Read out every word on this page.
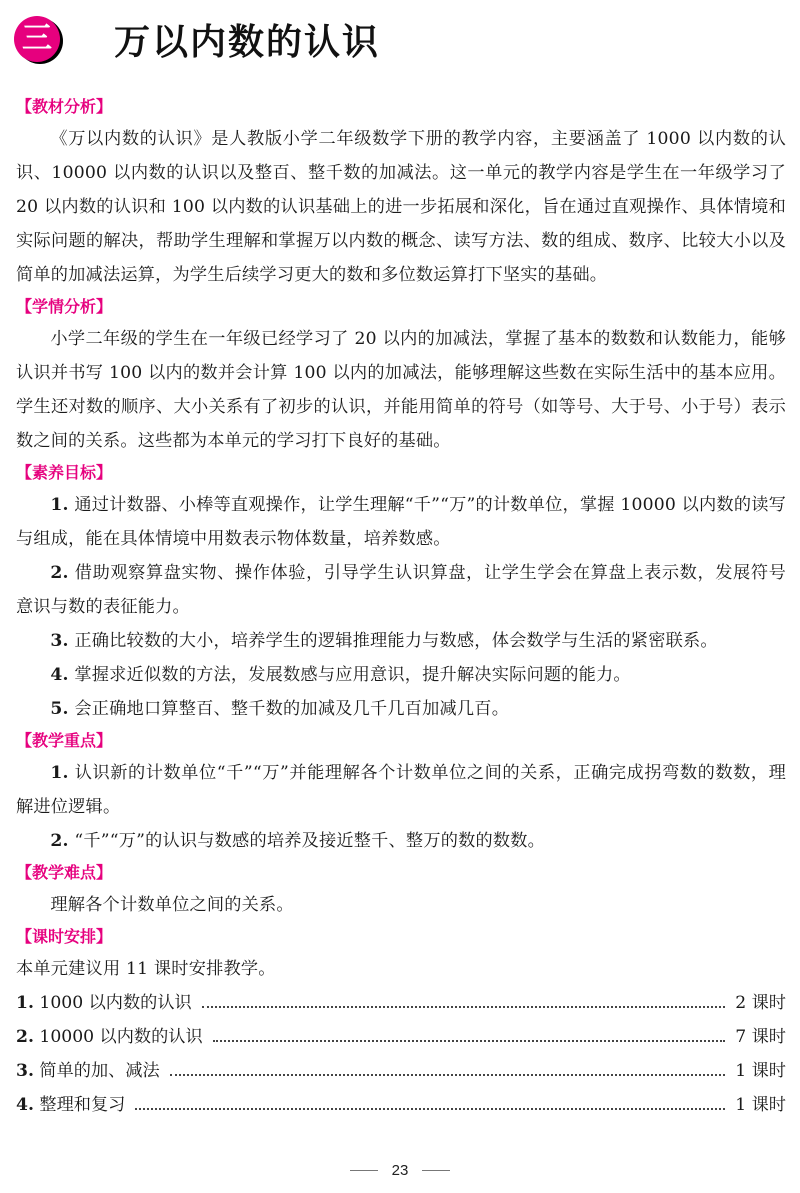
三 万以内数的认识
【教材分析】

《万以内数的认识》是人教版小学二年级数学下册的教学内容，主要涵盖了 1000 以内数的认识、10000 以内数的认识以及整百、整千数的加减法。这一单元的教学内容是学生在一年级学习了 20 以内数的认识和 100 以内数的认识基础上的进一步拓展和深化，旨在通过直观操作、具体情境和实际问题的解决，帮助学生理解和掌握万以内数的概念、读写方法、数的组成、数序、比较大小以及简单的加减法运算，为学生后续学习更大的数和多位数运算打下坚实的基础。

【学情分析】

小学二年级的学生在一年级已经学习了 20 以内的加减法，掌握了基本的数数和认数能力，能够认识并书写 100 以内的数并会计算 100 以内的加减法，能够理解这些数在实际生活中的基本应用。学生还对数的顺序、大小关系有了初步的认识，并能用简单的符号（如等号、大于号、小于号）表示数之间的关系。这些都为本单元的学习打下良好的基础。

【素养目标】

1. 通过计数器、小棒等直观操作，让学生理解“千”“万”的计数单位，掌握 10000 以内数的读写与组成，能在具体情境中用数表示物体数量，培养数感。

2. 借助观察算盘实物、操作体验，引导学生认识算盘，让学生学会在算盘上表示数，发展符号意识与数的表征能力。

3. 正确比较数的大小，培养学生的逻辑推理能力与数感，体会数学与生活的紧密联系。

4. 掌握求近似数的方法，发展数感与应用意识，提升解决实际问题的能力。

5. 会正确地口算整百、整千数的加减及几千几百加减几百。

【教学重点】

1. 认识新的计数单位“千”“万”并能理解各个计数单位之间的关系，正确完成拐弯数的数数，理解进位逻辑。

2. “千”“万”的认识与数感的培养及接近整千、整万的数的数数。

【教学难点】

理解各个计数单位之间的关系。

【课时安排】

本单元建议用 11 课时安排教学。

1. 1000 以内数的认识	2 课时
2. 10000 以内数的认识	7 课时
3. 简单的加、减法	1 课时
4. 整理和复习	1 课时
23
